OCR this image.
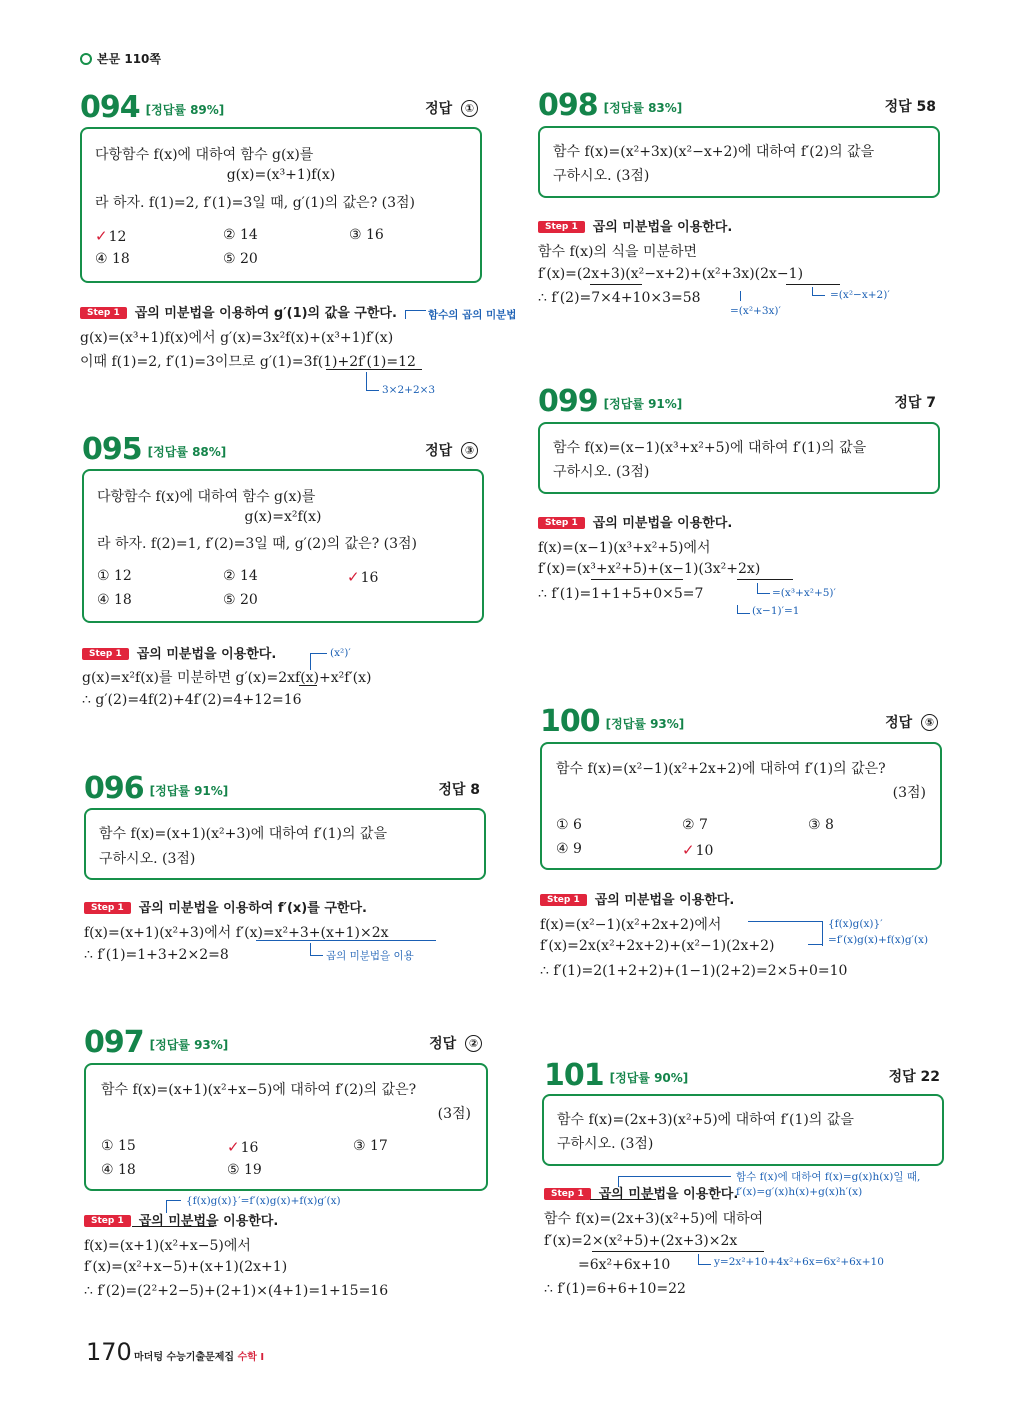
본문 110쪽
094 [정답률 89%]	정답 ①
다항함수 f(x)에 대하여 함수 g(x)를
g(x)=(x³+1)f(x)
라 하자. f(1)=2, f′(1)=3일 때, g′(1)의 값은? (3점)
✓12	② 14	③ 16
④ 18	⑤ 20
Step 1 곱의 미분법을 이용하여 g′(1)의 값을 구한다.	함수의 곱의 미분법
g(x)=(x³+1)f(x)에서 g′(x)=3x²f(x)+(x³+1)f′(x)
이때 f(1)=2, f′(1)=3이므로 g′(1)=3f(1)+2f′(1)=12
3×2+2×3
095 [정답률 88%]	정답 ③
다항함수 f(x)에 대하여 함수 g(x)를
g(x)=x²f(x)
라 하자. f(2)=1, f′(2)=3일 때, g′(2)의 값은? (3점)
① 12	② 14	✓16
④ 18	⑤ 20
Step 1 곱의 미분법을 이용한다.	(x²)′
g(x)=x²f(x)를 미분하면 g′(x)=2xf(x)+x²f′(x)
∴ g′(2)=4f(2)+4f′(2)=4+12=16
096 [정답률 91%]	정답 8
함수 f(x)=(x+1)(x²+3)에 대하여 f′(1)의 값을
구하시오. (3점)
Step 1 곱의 미분법을 이용하여 f′(x)를 구한다.
f(x)=(x+1)(x²+3)에서 f′(x)=x²+3+(x+1)×2x
∴ f′(1)=1+3+2×2=8	곱의 미분법을 이용
097 [정답률 93%]	정답 ②
함수 f(x)=(x+1)(x²+x−5)에 대하여 f′(2)의 값은?
(3점)
① 15	✓16	③ 17
④ 18	⑤ 19
{f(x)g(x)}′=f′(x)g(x)+f(x)g′(x)
Step 1 곱의 미분법을 이용한다.
f(x)=(x+1)(x²+x−5)에서
f′(x)=(x²+x−5)+(x+1)(2x+1)
∴ f′(2)=(2²+2−5)+(2+1)×(4+1)=1+15=16
098 [정답률 83%]	정답 58
함수 f(x)=(x²+3x)(x²−x+2)에 대하여 f′(2)의 값을
구하시오. (3점)
Step 1 곱의 미분법을 이용한다.
함수 f(x)의 식을 미분하면
f′(x)=(2x+3)(x²−x+2)+(x²+3x)(2x−1)
∴ f′(2)=7×4+10×3=58	=(x²−x+2)′
=(x²+3x)′
099 [정답률 91%]	정답 7
함수 f(x)=(x−1)(x³+x²+5)에 대하여 f′(1)의 값을
구하시오. (3점)
Step 1 곱의 미분법을 이용한다.
f(x)=(x−1)(x³+x²+5)에서
f′(x)=(x³+x²+5)+(x−1)(3x²+2x)
∴ f′(1)=1+1+5+0×5=7	=(x³+x²+5)′
(x−1)′=1
100 [정답률 93%]	정답 ⑤
함수 f(x)=(x²−1)(x²+2x+2)에 대하여 f′(1)의 값은?
(3점)
① 6	② 7	③ 8
④ 9	✓10
Step 1 곱의 미분법을 이용한다.
f(x)=(x²−1)(x²+2x+2)에서	{f(x)g(x)}′
=f′(x)g(x)+f(x)g′(x)
f′(x)=2x(x²+2x+2)+(x²−1)(2x+2)
∴ f′(1)=2(1+2+2)+(1−1)(2+2)=2×5+0=10
101 [정답률 90%]	정답 22
함수 f(x)=(2x+3)(x²+5)에 대하여 f′(1)의 값을
구하시오. (3점)
함수 f(x)에 대하여 f(x)=g(x)h(x)일 때,
f′(x)=g′(x)h(x)+g(x)h′(x)
Step 1 곱의 미분법을 이용한다.
함수 f(x)=(2x+3)(x²+5)에 대하여
f′(x)=2×(x²+5)+(2x+3)×2x
=6x²+6x+10	y=2x²+10+4x²+6x=6x²+6x+10
∴ f′(1)=6+6+10=22
170 마더텅 수능기출문제집 수학 Ⅰ
